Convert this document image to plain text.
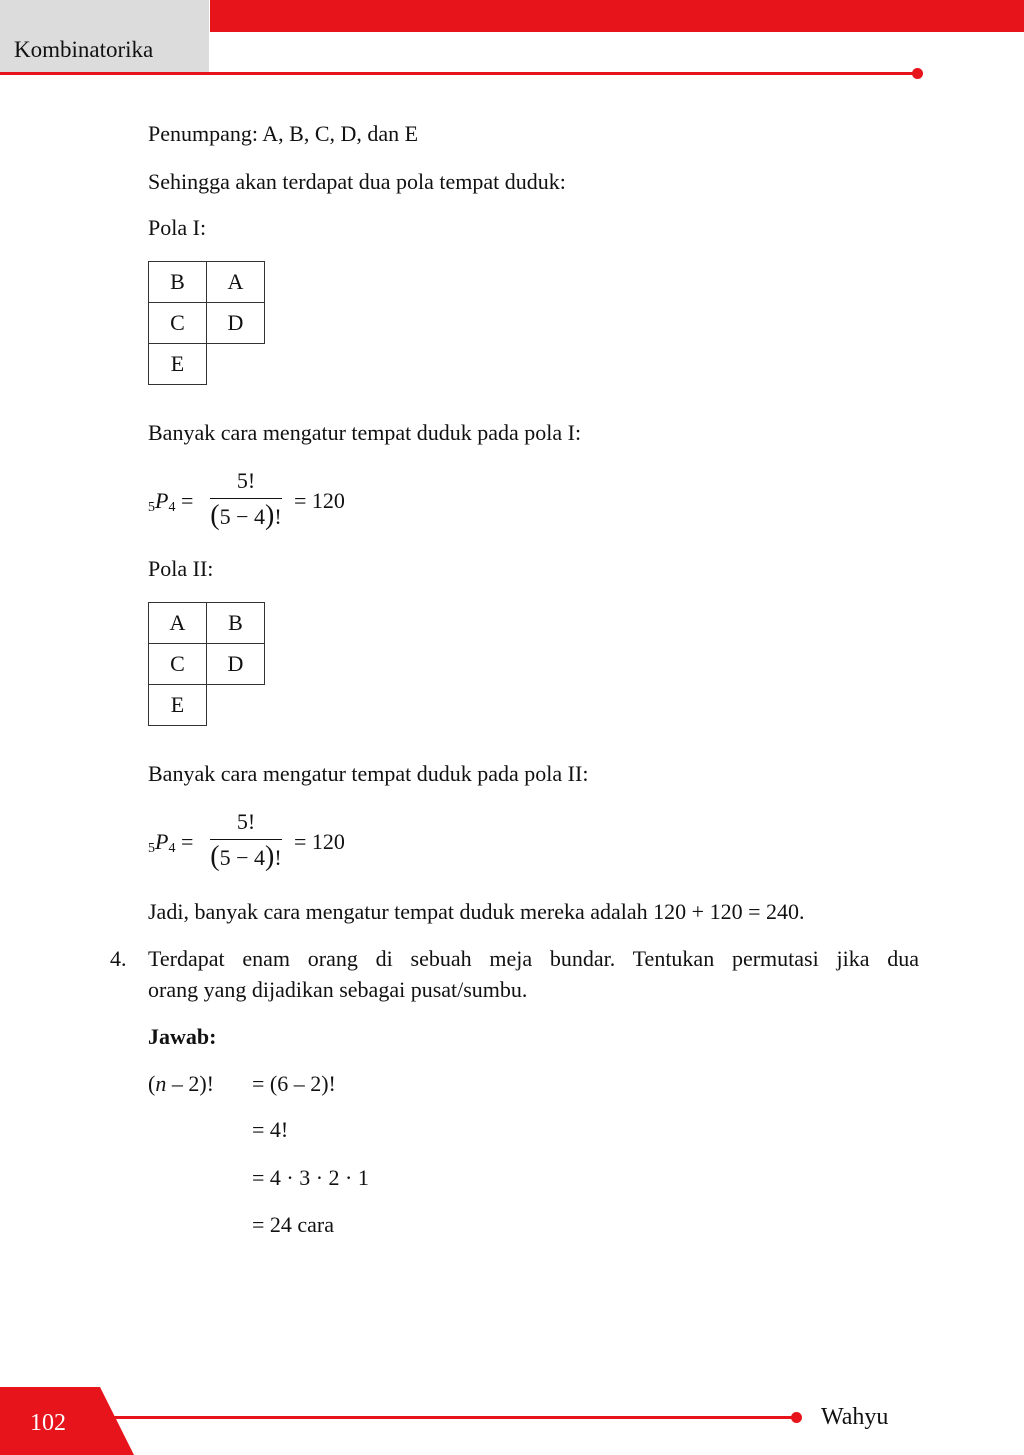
Kombinatorika
Penumpang: A, B, C, D, dan E
Sehingga akan terdapat dua pola tempat duduk:
Pola I:
B	A
C	D
E	
Banyak cara mengatur tempat duduk pada pola I:
$_5P_4$ =
5!
(5 − 4)!
= 120
Pola II:
A	B
C	D
E	
Banyak cara mengatur tempat duduk pada pola II:
$_5P_4$ =
5!
(5 − 4)!
= 120
Jadi, banyak cara mengatur tempat duduk mereka adalah 120 + 120 = 240.
4. Terdapat enam orang di sebuah meja bundar. Tentukan permutasi jika dua
orang yang dijadikan sebagai pusat/sumbu.
Jawab:
(n – 2)! = (6 – 2)!
= 4!
= 4 · 3 · 2 · 1
= 24 cara
102	Wahyu
